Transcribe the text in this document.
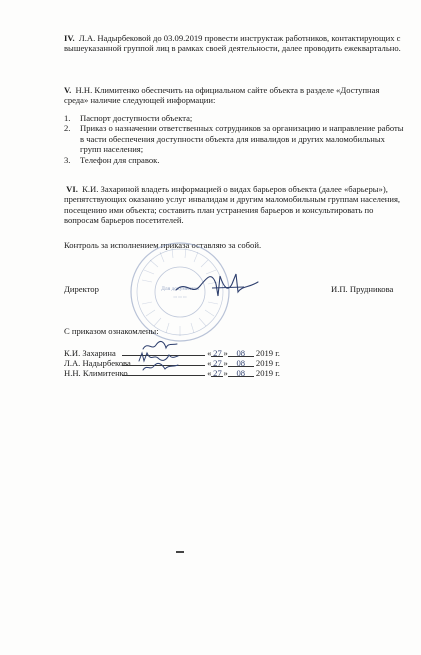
IV. Л.А. Надырбековой до 03.09.2019 провести инструктаж работников, контактирующих с вышеуказанной группой лиц в рамках своей деятельности, далее проводить ежеквартально.

V. Н.Н. Климитенко обеспечить на официальном сайте объекта в разделе «Доступная среда» наличие следующей информации:

1. Паспорт доступности объекта;
2. Приказ о назначении ответственных сотрудников за организацию и направление работы в части обеспечения доступности объекта для инвалидов и других маломобильных групп населения;
3. Телефон для справок.

VI. К.И. Захариной владеть информацией о видах барьеров объекта (далее «барьеры»), препятствующих оказанию услуг инвалидам и другим маломобильным группам населения, посещению ими объекта; составить план устранения барьеров и консультировать по вопросам барьеров посетителей.

Контроль за исполнением приказа оставляю за собой.
Для документов
▭ ▭ ▭
Директор	И.П. Прудникова
С приказом ознакомлены:
К.И. Захарина	« 27 » 08 2019 г.
Л.А. Надырбекова	« 27 » 08 2019 г.
Н.Н. Климитенко	« 27 » 08 2019 г.
